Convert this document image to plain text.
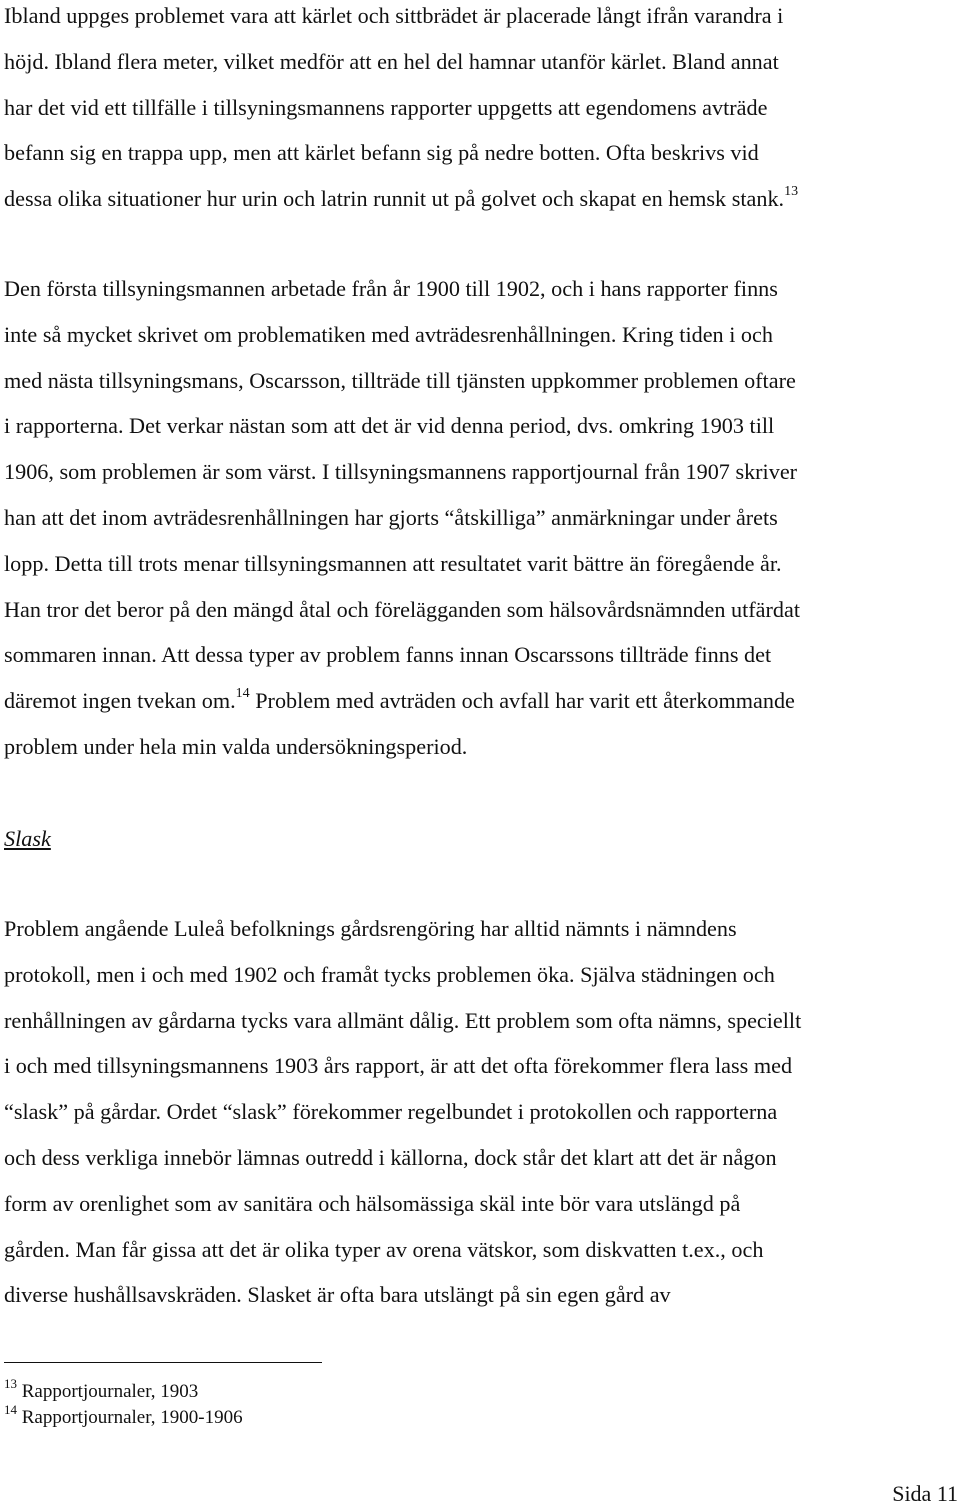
Ibland uppges problemet vara att kärlet och sittbrädet är placerade långt ifrån varandra i
höjd. Ibland flera meter, vilket medför att en hel del hamnar utanför kärlet. Bland annat
har det vid ett tillfälle i tillsyningsmannens rapporter uppgetts att egendomens avträde
befann sig en trappa upp, men att kärlet befann sig på nedre botten. Ofta beskrivs vid
dessa olika situationer hur urin och latrin runnit ut på golvet och skapat en hemsk stank.$^{13}$

Den första tillsyningsmannen arbetade från år 1900 till 1902, och i hans rapporter finns
inte så mycket skrivet om problematiken med avträdesrenhållningen. Kring tiden i och
med nästa tillsyningsmans, Oscarsson, tillträde till tjänsten uppkommer problemen oftare
i rapporterna. Det verkar nästan som att det är vid denna period, dvs. omkring 1903 till
1906, som problemen är som värst. I tillsyningsmannens rapportjournal från 1907 skriver
han att det inom avträdesrenhållningen har gjorts “åtskilliga” anmärkningar under årets
lopp. Detta till trots menar tillsyningsmannen att resultatet varit bättre än föregående år.
Han tror det beror på den mängd åtal och förelägganden som hälsovårdsnämnden utfärdat
sommaren innan. Att dessa typer av problem fanns innan Oscarssons tillträde finns det
däremot ingen tvekan om.$^{14}$ Problem med avträden och avfall har varit ett återkommande
problem under hela min valda undersökningsperiod.

Slask

Problem angående Luleå befolknings gårdsrengöring har alltid nämnts i nämndens
protokoll, men i och med 1902 och framåt tycks problemen öka. Själva städningen och
renhållningen av gårdarna tycks vara allmänt dålig. Ett problem som ofta nämns, speciellt
i och med tillsyningsmannens 1903 års rapport, är att det ofta förekommer flera lass med
“slask” på gårdar. Ordet “slask” förekommer regelbundet i protokollen och rapporterna
och dess verkliga innebör lämnas outredd i källorna, dock står det klart att det är någon
form av orenlighet som av sanitära och hälsomässiga skäl inte bör vara utslängd på
gården. Man får gissa att det är olika typer av orena vätskor, som diskvatten t.ex., och
diverse hushållsavskräden. Slasket är ofta bara utslängt på sin egen gård av

$^{13}$ Rapportjournaler, 1903
$^{14}$ Rapportjournaler, 1900-1906

Sida 11
